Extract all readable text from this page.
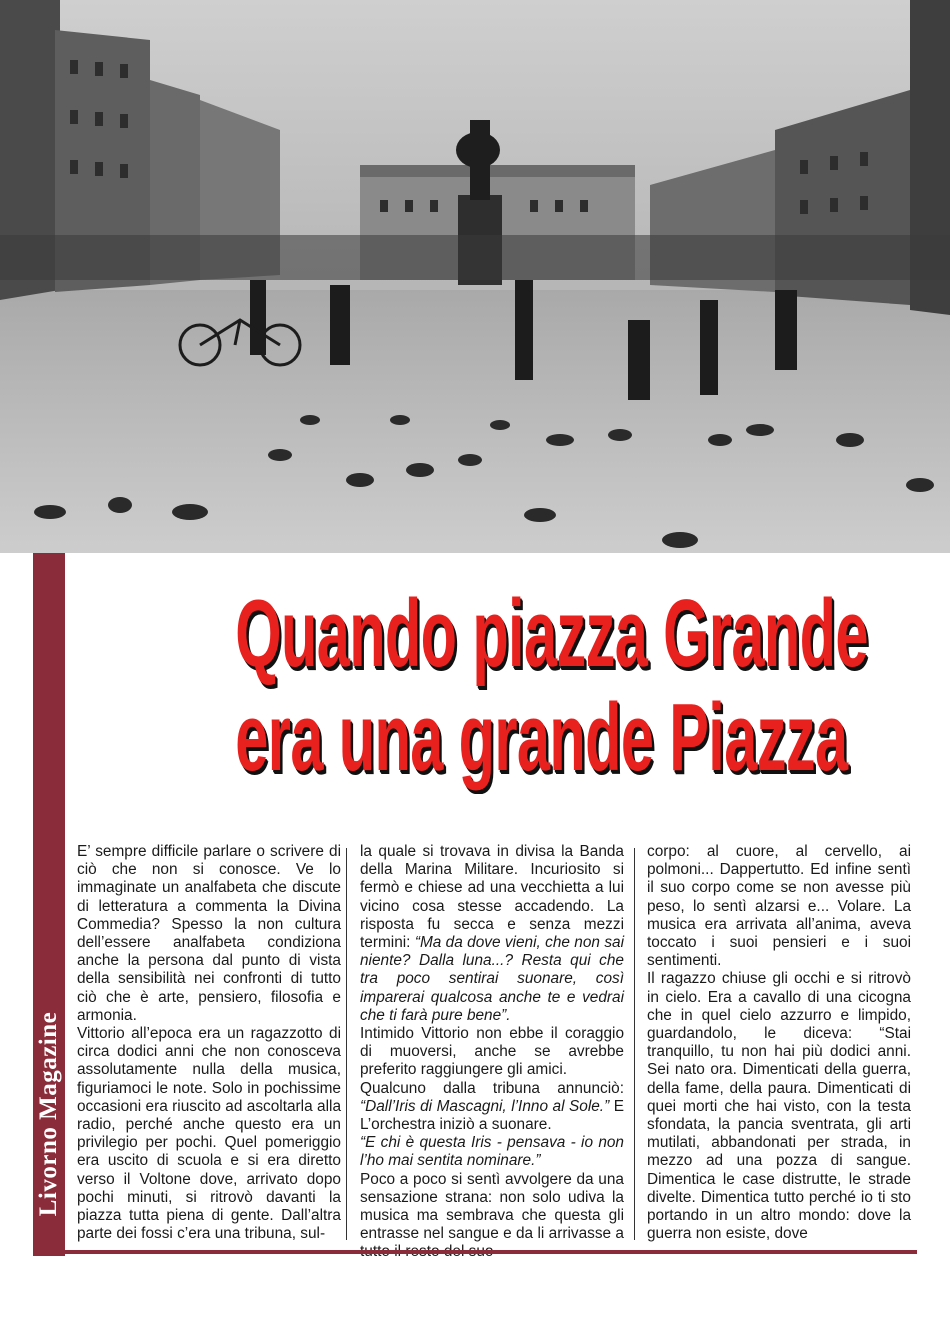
Livorno Magazine
Quando piazza Grande
era una grande Piazza

E’ sempre difficile parlare o scrivere di ciò che non si conosce. Ve lo immaginate un analfabeta che discute di letteratura a commenta la Divina Commedia? Spesso la non cultura dell’essere analfabeta condiziona anche la persona dal punto di vista della sensibilità nei confronti di tutto ciò che è arte, pensiero, filosofia e armonia.

Vittorio all’epoca era un ragazzotto di circa dodici anni che non conosceva assolutamente nulla della musica, figuriamoci le note. Solo in pochissime occasioni era riuscito ad ascoltarla alla radio, perché anche questo era un privilegio per pochi. Quel pomeriggio era uscito di scuola e si era diretto verso il Voltone dove, arrivato dopo pochi minuti, si ritrovò davanti la piazza tutta piena di gente. Dall’altra parte dei fossi c’era una tribuna, sul-

la quale si trovava in divisa la Banda della Marina Militare. Incuriosito si fermò e chiese ad una vecchietta a lui vicino cosa stesse accadendo. La risposta fu secca e senza mezzi termini: “Ma da dove vieni, che non sai niente? Dalla luna...? Resta qui che tra poco sentirai suonare, così imparerai qualcosa anche te e vedrai che ti farà pure bene”.

Intimido Vittorio non ebbe il coraggio di muoversi, anche se avrebbe preferito raggiungere gli amici.

Qualcuno dalla tribuna annunciò: “Dall’Iris di Mascagni, l’Inno al Sole.” E L’orchestra iniziò a suonare.

“E chi è questa Iris - pensava - io non l’ho mai sentita nominare.”

Poco a poco si sentì avvolgere da una sensazione strana: non solo udiva la musica ma sembrava che questa gli entrasse nel sangue e da li arrivasse a

corpo: al cuore, al cervello, ai polmoni... Dappertutto. Ed infine sentì il suo corpo come se non avesse più peso, lo sentì alzarsi e... Volare. La musica era arrivata all’anima, aveva toccato i suoi pensieri e i suoi sentimenti.

Il ragazzo chiuse gli occhi e si ritrovò in cielo. Era a cavallo di una cicogna che in quel cielo azzurro e limpido, guardandolo, le diceva: “Stai tranquillo, tu non hai più dodici anni. Sei nato ora. Dimenticati della guerra, della fame, della paura. Dimenticati di quei morti che hai visto, con la testa sfondata, la pancia sventrata, gli arti mutilati, abbandonati per strada, in mezzo ad una pozza di sangue. Dimentica le case distrutte, le strade divelte. Dimentica tutto perché io ti sto portando in un altro mondo: dove la guerra non esiste, dove
